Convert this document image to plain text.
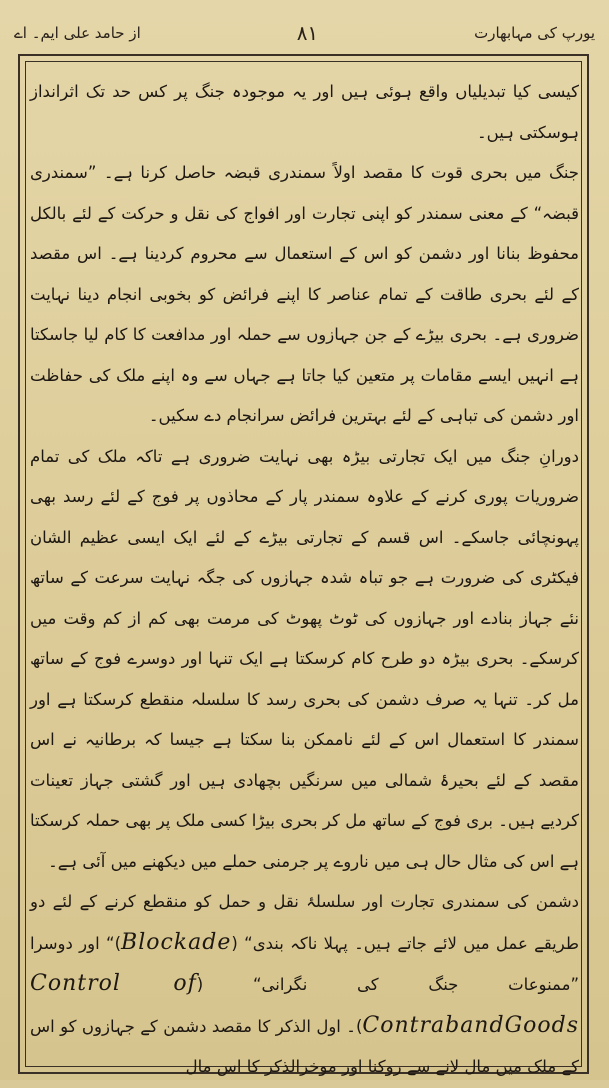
یورپ کی مہابھارت
۸۱
از حامد علی ایم۔ اے

کیسی کیا تبدیلیاں واقع ہوئی ہیں اور یہ موجودہ جنگ پر کس حد تک اثرانداز ہوسکتی ہیں۔

جنگ میں بحری قوت کا مقصد اولاً سمندری قبضہ حاصل کرنا ہے۔ ”سمندری قبضہ“ کے معنی سمندر کو اپنی تجارت اور افواج کی نقل و حرکت کے لئے بالکل محفوظ بنانا اور دشمن کو اس کے استعمال سے محروم کردینا ہے۔ اس مقصد کے لئے بحری طاقت کے تمام عناصر کا اپنے فرائض کو بخوبی انجام دینا نہایت ضروری ہے۔ بحری بیڑے کے جن جہازوں سے حملہ اور مدافعت کا کام لیا جاسکتا ہے انہیں ایسے مقامات پر متعین کیا جاتا ہے جہاں سے وہ اپنے ملک کی حفاظت اور دشمن کی تباہی کے لئے بہترین فرائض سرانجام دے سکیں۔

دورانِ جنگ میں ایک تجارتی بیڑہ بھی نہایت ضروری ہے تاکہ ملک کی تمام ضروریات پوری کرنے کے علاوہ سمندر پار کے محاذوں پر فوج کے لئے رسد بھی پہونچائی جاسکے۔ اس قسم کے تجارتی بیڑے کے لئے ایک ایسی عظیم الشان فیکٹری کی ضرورت ہے جو تباہ شدہ جہازوں کی جگہ نہایت سرعت کے ساتھ نئے جہاز بنادے اور جہازوں کی ٹوٹ پھوٹ کی مرمت بھی کم از کم وقت میں کرسکے۔ بحری بیڑہ دو طرح کام کرسکتا ہے ایک تنہا اور دوسرے فوج کے ساتھ مل کر۔ تنہا یہ صرف دشمن کی بحری رسد کا سلسلہ منقطع کرسکتا ہے اور سمندر کا استعمال اس کے لئے ناممکن بنا سکتا ہے جیسا کہ برطانیہ نے اس مقصد کے لئے بحیرۂ شمالی میں سرنگیں بچھادی ہیں اور گشتی جہاز تعینات کردیے ہیں۔ بری فوج کے ساتھ مل کر بحری بیڑا کسی ملک پر بھی حملہ کرسکتا ہے اس کی مثال حال ہی میں ناروے پر جرمنی حملے میں دیکھنے میں آئی ہے۔

دشمن کی سمندری تجارت اور سلسلۂ نقل و حمل کو منقطع کرنے کے لئے دو طریقے عمل میں لائے جاتے ہیں۔ پہلا ناکہ بندی“ (Blockade)“ اور دوسرا ”ممنوعات جنگ کی نگرانی“ (Control of ContrabandGoods)۔ اول الذکر کا مقصد دشمن کے جہازوں کو اس کے ملک میں مال لانے سے روکنا اور موخرالذکر کا اس مال
